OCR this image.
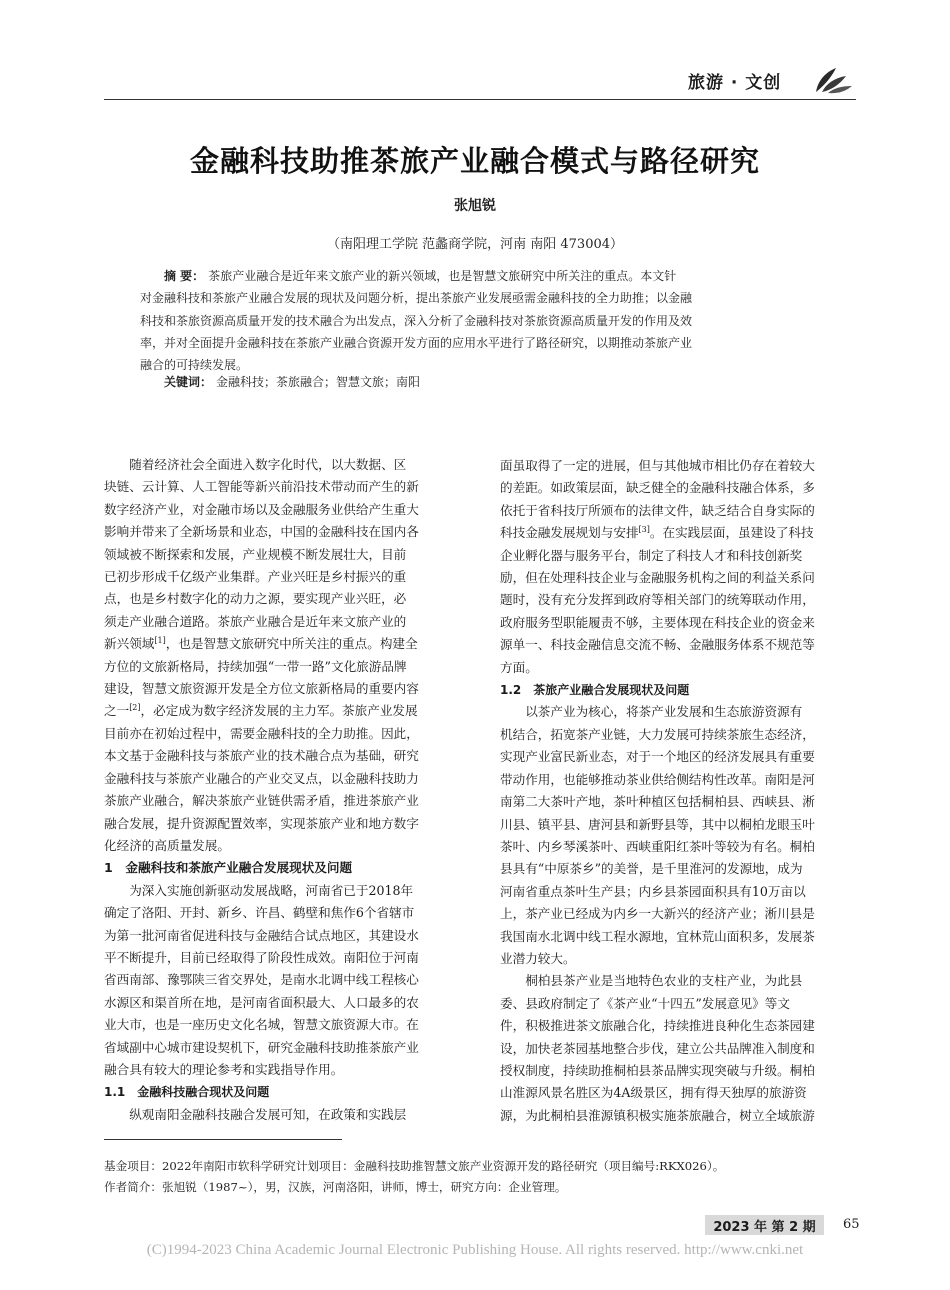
旅游 · 文创
金融科技助推茶旅产业融合模式与路径研究
张旭锐
（南阳理工学院 范蠡商学院，河南 南阳 473004）
摘 要： 茶旅产业融合是近年来文旅产业的新兴领域，也是智慧文旅研究中所关注的重点。本文针
对金融科技和茶旅产业融合发展的现状及问题分析，提出茶旅产业发展亟需金融科技的全力助推；以金融
科技和茶旅资源高质量开发的技术融合为出发点，深入分析了金融科技对茶旅资源高质量开发的作用及效
率，并对全面提升金融科技在茶旅产业融合资源开发方面的应用水平进行了路径研究，以期推动茶旅产业
融合的可持续发展。
关键词： 金融科技；茶旅融合；智慧文旅；南阳
　　随着经济社会全面进入数字化时代，以大数据、区
块链、云计算、人工智能等新兴前沿技术带动而产生的新
数字经济产业，对金融市场以及金融服务业供给产生重大
影响并带来了全新场景和业态，中国的金融科技在国内各
领域被不断探索和发展，产业规模不断发展壮大，目前
已初步形成千亿级产业集群。产业兴旺是乡村振兴的重
点，也是乡村数字化的动力之源，要实现产业兴旺，必
须走产业融合道路。茶旅产业融合是近年来文旅产业的
新兴领域[1]，也是智慧文旅研究中所关注的重点。构建全
方位的文旅新格局，持续加强“一带一路”文化旅游品牌
建设，智慧文旅资源开发是全方位文旅新格局的重要内容
之一[2]，必定成为数字经济发展的主力军。茶旅产业发展
目前亦在初始过程中，需要金融科技的全力助推。因此，
本文基于金融科技与茶旅产业的技术融合点为基础，研究
金融科技与茶旅产业融合的产业交叉点，以金融科技助力
茶旅产业融合，解决茶旅产业链供需矛盾，推进茶旅产业
融合发展，提升资源配置效率，实现茶旅产业和地方数字
化经济的高质量发展。
1　金融科技和茶旅产业融合发展现状及问题
　　为深入实施创新驱动发展战略，河南省已于2018年
确定了洛阳、开封、新乡、许昌、鹤壁和焦作6个省辖市
为第一批河南省促进科技与金融结合试点地区，其建设水
平不断提升，目前已经取得了阶段性成效。南阳位于河南
省西南部、豫鄂陕三省交界处，是南水北调中线工程核心
水源区和渠首所在地，是河南省面积最大、人口最多的农
业大市，也是一座历史文化名城，智慧文旅资源大市。在
省域副中心城市建设契机下，研究金融科技助推茶旅产业
融合具有较大的理论参考和实践指导作用。
1.1　金融科技融合现状及问题
　　纵观南阳金融科技融合发展可知，在政策和实践层
面虽取得了一定的进展，但与其他城市相比仍存在着较大
的差距。如政策层面，缺乏健全的金融科技融合体系，多
依托于省科技厅所颁布的法律文件，缺乏结合自身实际的
科技金融发展规划与安排[3]。在实践层面，虽建设了科技
企业孵化器与服务平台，制定了科技人才和科技创新奖
励，但在处理科技企业与金融服务机构之间的利益关系问
题时，没有充分发挥到政府等相关部门的统筹联动作用，
政府服务型职能履责不够，主要体现在科技企业的资金来
源单一、科技金融信息交流不畅、金融服务体系不规范等
方面。
1.2　茶旅产业融合发展现状及问题
　　以茶产业为核心，将茶产业发展和生态旅游资源有
机结合，拓宽茶产业链，大力发展可持续茶旅生态经济，
实现产业富民新业态，对于一个地区的经济发展具有重要
带动作用，也能够推动茶业供给侧结构性改革。南阳是河
南第二大茶叶产地，茶叶种植区包括桐柏县、西峡县、淅
川县、镇平县、唐河县和新野县等，其中以桐柏龙眼玉叶
茶叶、内乡琴溪茶叶、西峡重阳红茶叶等较为有名。桐柏
县具有“中原茶乡”的美誉，是千里淮河的发源地，成为
河南省重点茶叶生产县；内乡县茶园面积具有10万亩以
上，茶产业已经成为内乡一大新兴的经济产业；淅川县是
我国南水北调中线工程水源地，宜林荒山面积多，发展茶
业潜力较大。
　　桐柏县茶产业是当地特色农业的支柱产业，为此县
委、县政府制定了《茶产业“十四五”发展意见》等文
件，积极推进茶文旅融合化，持续推进良种化生态茶园建
设，加快老茶园基地整合步伐，建立公共品牌准入制度和
授权制度，持续助推桐柏县茶品牌实现突破与升级。桐柏
山淮源风景名胜区为4A级景区，拥有得天独厚的旅游资
源，为此桐柏县淮源镇积极实施茶旅融合，树立全域旅游
基金项目：2022年南阳市软科学研究计划项目：金融科技助推智慧文旅产业资源开发的路径研究（项目编号:RKX026）。
作者简介：张旭锐（1987~），男，汉族，河南洛阳，讲师，博士，研究方向：企业管理。
2023 年 第 2 期	65
(C)1994-2023 China Academic Journal Electronic Publishing House. All rights reserved. http://www.cnki.net
